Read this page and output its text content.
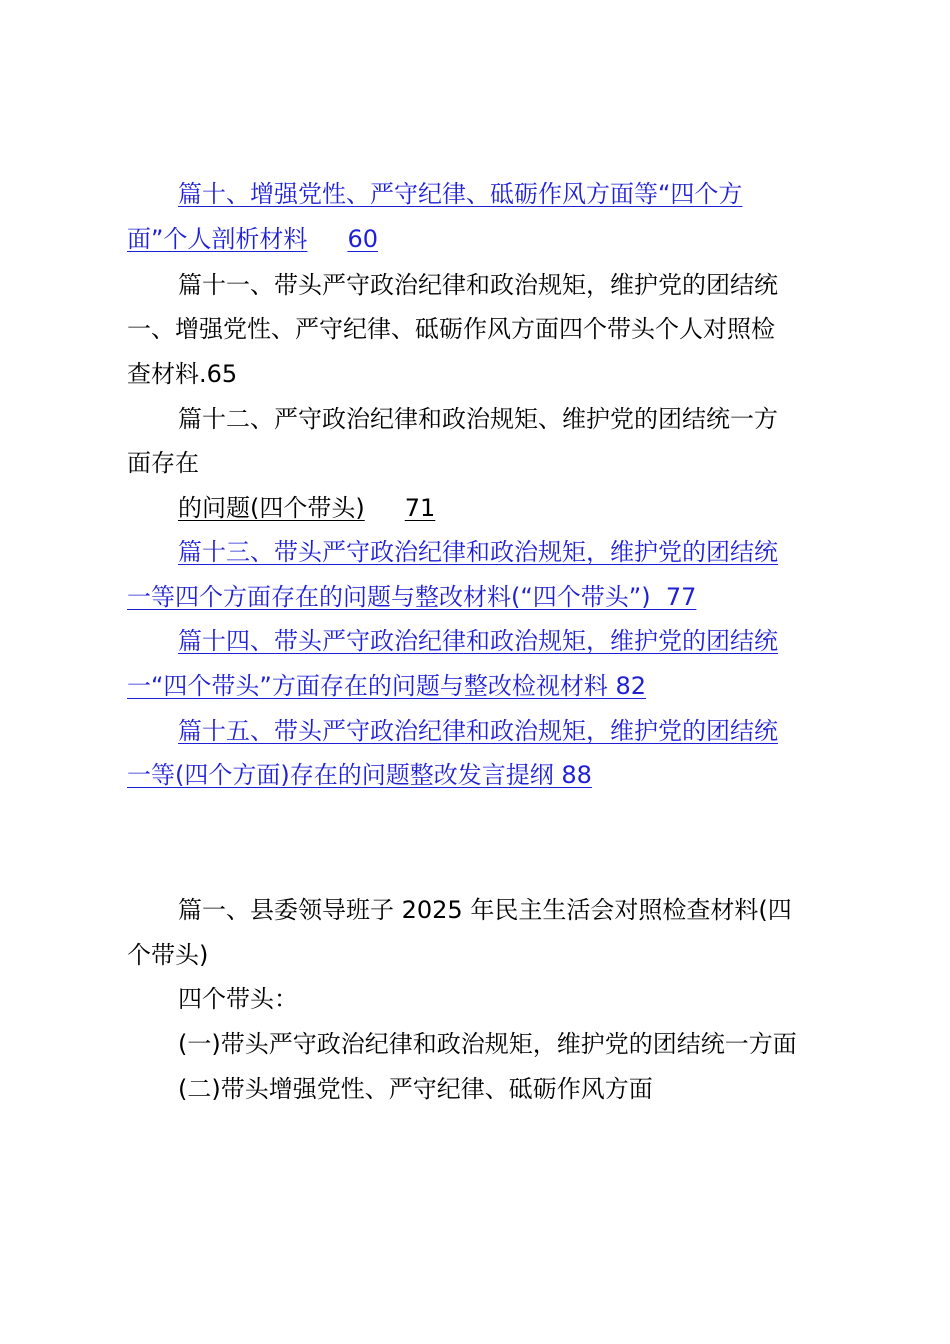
篇十、增强党性、严守纪律、砥砺作风方面等“四个方
面”个人剖析材料 60
篇十一、带头严守政治纪律和政治规矩，维护党的团结统
一、增强党性、严守纪律、砥砺作风方面四个带头个人对照检
查材料.65
篇十二、严守政治纪律和政治规矩、维护党的团结统一方
面存在
的问题(四个带头) 71
篇十三、带头严守政治纪律和政治规矩，维护党的团结统
一等四个方面存在的问题与整改材料(“四个带头”)  77
篇十四、带头严守政治纪律和政治规矩，维护党的团结统
一“四个带头”方面存在的问题与整改检视材料 82
篇十五、带头严守政治纪律和政治规矩，维护党的团结统
一等(四个方面)存在的问题整改发言提纲 88
篇一、县委领导班子 2025 年民主生活会对照检查材料(四
个带头)
四个带头：
(一)带头严守政治纪律和政治规矩，维护党的团结统一方面
(二)带头增强党性、严守纪律、砥砺作风方面
